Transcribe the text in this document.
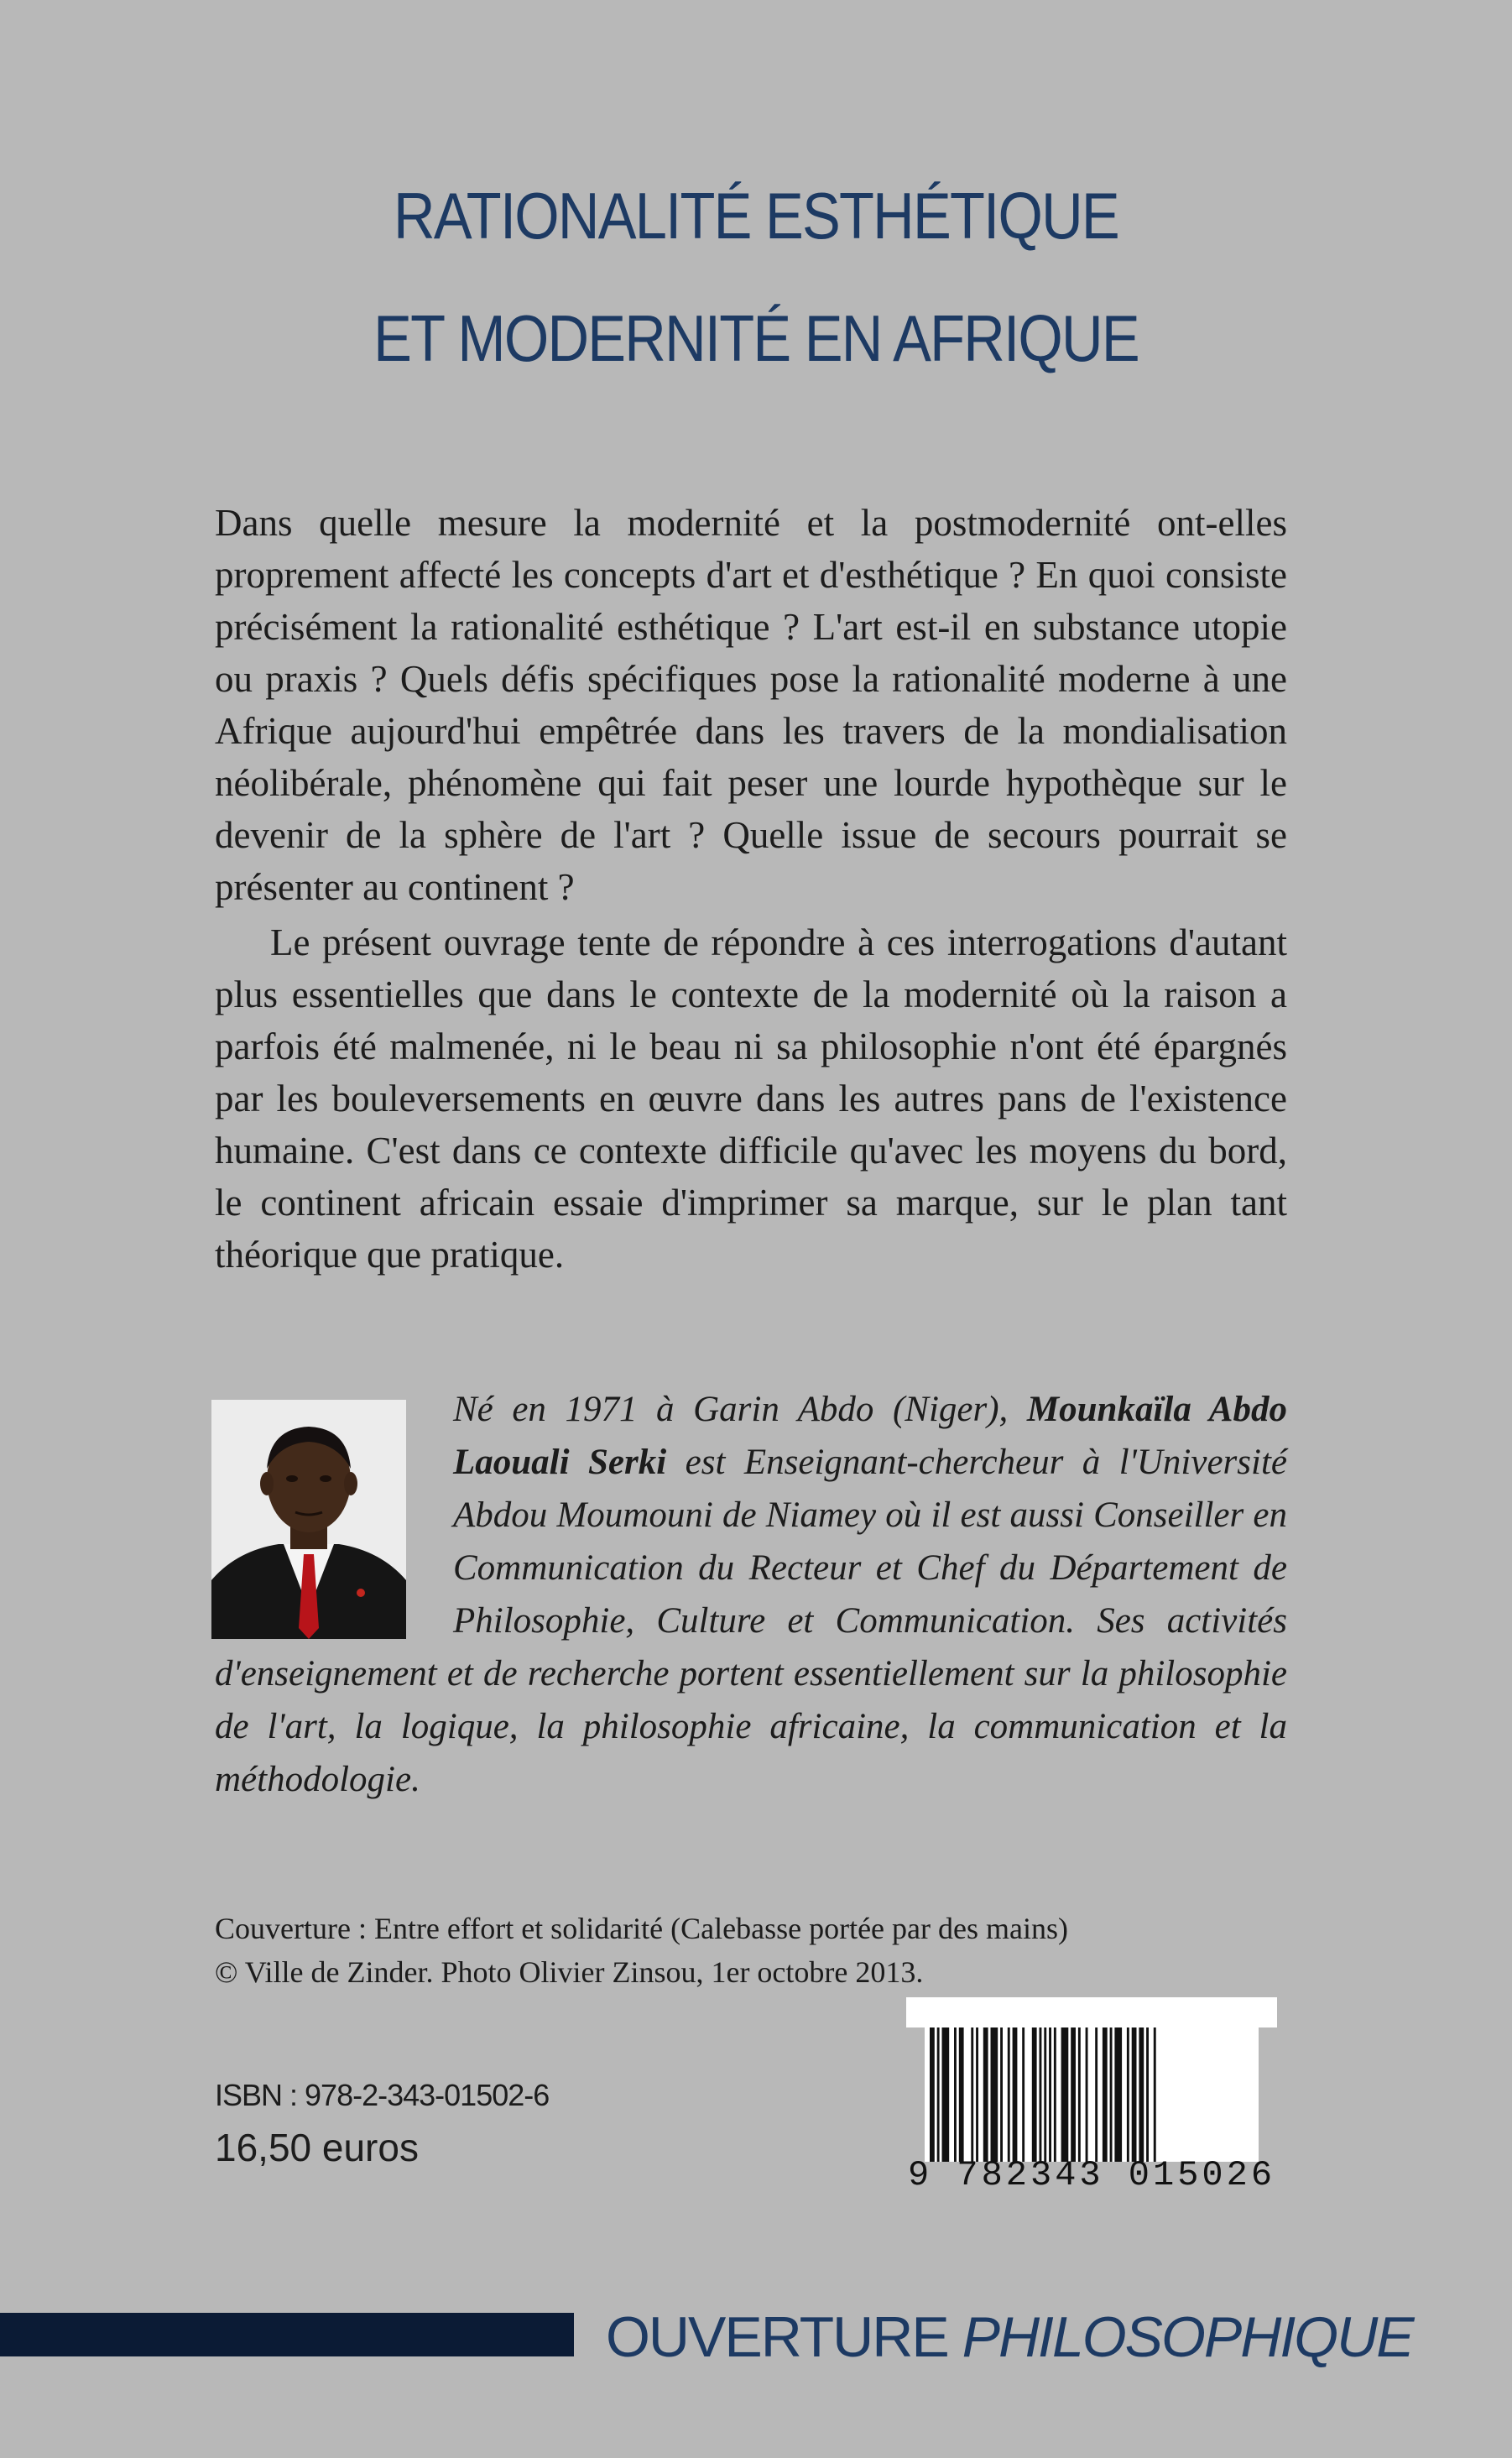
RATIONALITÉ ESTHÉTIQUE
ET MODERNITÉ EN AFRIQUE

Dans quelle mesure la modernité et la postmodernité ont-elles proprement affecté les concepts d'art et d'esthétique ? En quoi consiste précisément la rationalité esthétique ? L'art est-il en substance utopie ou praxis ? Quels défis spécifiques pose la rationalité moderne à une Afrique aujourd'hui empêtrée dans les travers de la mondialisation néolibérale, phénomène qui fait peser une lourde hypothèque sur le devenir de la sphère de l'art ? Quelle issue de secours pourrait se présenter au continent ?

Le présent ouvrage tente de répondre à ces interrogations d'autant plus essentielles que dans le contexte de la modernité où la raison a parfois été malmenée, ni le beau ni sa philosophie n'ont été épargnés par les bouleversements en œuvre dans les autres pans de l'existence humaine. C'est dans ce contexte difficile qu'avec les moyens du bord, le continent africain essaie d'imprimer sa marque, sur le plan tant théorique que pratique.

Né en 1971 à Garin Abdo (Niger), Mounkaïla Abdo Laouali Serki est Enseignant-chercheur à l'Université Abdou Moumouni de Niamey où il est aussi Conseiller en Communication du Recteur et Chef du Département de Philosophie, Culture et Communication. Ses activités d'enseignement et de recherche portent essentiellement sur la philosophie de l'art, la logique, la philosophie africaine, la communication et la méthodologie.

Couverture : Entre effort et solidarité (Calebasse portée par des mains)
© Ville de Zinder. Photo Olivier Zinsou, 1er octobre 2013.
ISBN : 978-2-343-01502-6
16,50 euros
9 782343 015026
OUVERTURE PHILOSOPHIQUE
